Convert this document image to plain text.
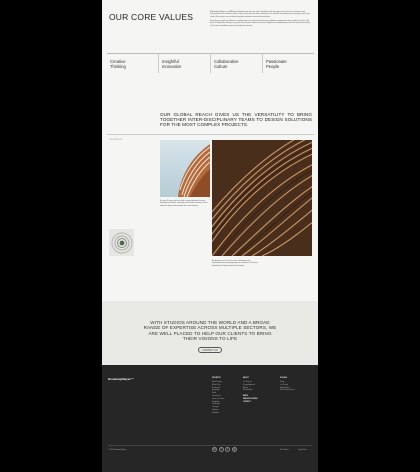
OUR CORE VALUES	At Broadway Malyan, our PAM and all departments has core values that define both the people and culture of our business and actively lead to our excellence. Also it means we go the extra mile and dedicate it to build the extraordinary for our people, places and clients. As a practice we are driven by quality, innovative and creative excellence.

Every day we push for excellence in smaller ways for our clients and their most ambitious commissions and everyday, each hour. We aspire to bring skills to design, be proud of the outcome delivered, and work together and collaborating so that we can meet the needs of our clients and deliver projects of quality and outcome.

Creative
Thinking
Insightful
Innovation
Collaborative
Culture
Passionate
People

OUR GLOBAL REACH GIVES US THE VERSATILITY TO BRING TOGETHER INTER-DISCIPLINARY TEAMS TO DESIGN SOLUTIONS FOR THE MOST COMPLEX PROJECTS.

OUR EXPERTISE

For over 60 years, we have built a strong reputation for work that delivers beautiful, sustainable and creative solutions, which shape the places where people live, work and play.

As designers, our role is to ensure interventions are transformative by leveraging expertise in diverse and creative disciplines for long-term benefit and impact.

WITH STUDIOS AROUND THE WORLD AND A BROAD RANGE OF EXPERTISE ACROSS MULTIPLE SECTORS, WE ARE WELL PLACED TO HELP OUR CLIENTS TO BRING THEIR VISIONS TO LIFE

CONTACT US
BroadwayMalyan™	PROJECTS
Urban Design
Master Plan
Residential
Hospitality
Retail
Commercial
Leisure & Culture
Hospitality
Landscape
Transport
Graphics
Exhibition
ABOUT
Our Practice
Design Approach
Awards
Sustainability
NEWS
INSIGHTS & IDEAS
CONTACT
SOCIALS
Studio
Our People
Working Here
Global Opportunities
© 2022 Broadway Malyan	in	f	t	ig	Site Policies	Legal Notice
